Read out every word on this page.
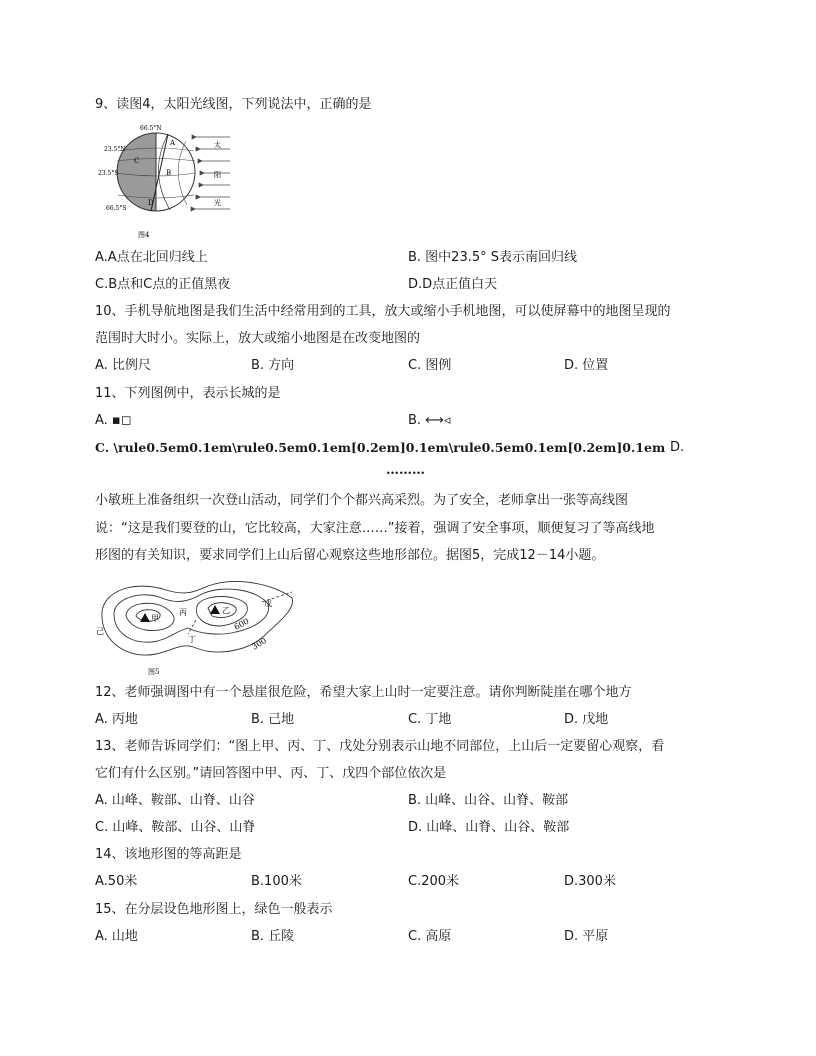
9、读图4，太阳光线图，下列说法中，正确的是
太
阳
光
66.5°N
23.5°N
23.5°S
66.5°S
A
B
C
D
图4
A.A点在北回归线上	B. 图中23.5° S表示南回归线
C.B点和C点的正值黑夜	D.D点正值白天
10、手机导航地图是我们生活中经常用到的工具，放大或缩小手机地图，可以使屏幕中的地图呈现的
范围时大时小。实际上，放大或缩小地图是在改变地图的
A. 比例尺	B. 方向	C. 图例	D. 位置
11、下列图例中，表示长城的是
A. ▪◻	B. ⟷◃
C. \rule0.5em0.1em\rule0.5em0.1em[0.2em]0.1em\rule0.5em0.1em[0.2em]0.1em D.
………
小敏班上准备组织一次登山活动，同学们个个都兴高采烈。为了安全，老师拿出一张等高线图
说：“这是我们要登的山，它比较高，大家注意……”接着，强调了安全事项，顺便复习了等高线地
形图的有关知识，要求同学们上山后留心观察这些地形部位。据图5，完成12－14小题。
甲
乙
丙
丁
戊
己	600
300
图5
12、老师强调图中有一个悬崖很危险，希望大家上山时一定要注意。请你判断陡崖在哪个地方
A. 丙地	B. 己地	C. 丁地	D. 戊地
13、老师告诉同学们：“图上甲、丙、丁、戊处分别表示山地不同部位，上山后一定要留心观察，看
它们有什么区别。”请回答图中甲、丙、丁、戊四个部位依次是
A. 山峰、鞍部、山脊、山谷	B. 山峰、山谷、山脊、鞍部
C. 山峰、鞍部、山谷、山脊	D. 山峰、山脊、山谷、鞍部
14、该地形图的等高距是
A.50米	B.100米	C.200米	D.300米
15、在分层设色地形图上，绿色一般表示
A. 山地	B. 丘陵	C. 高原	D. 平原
